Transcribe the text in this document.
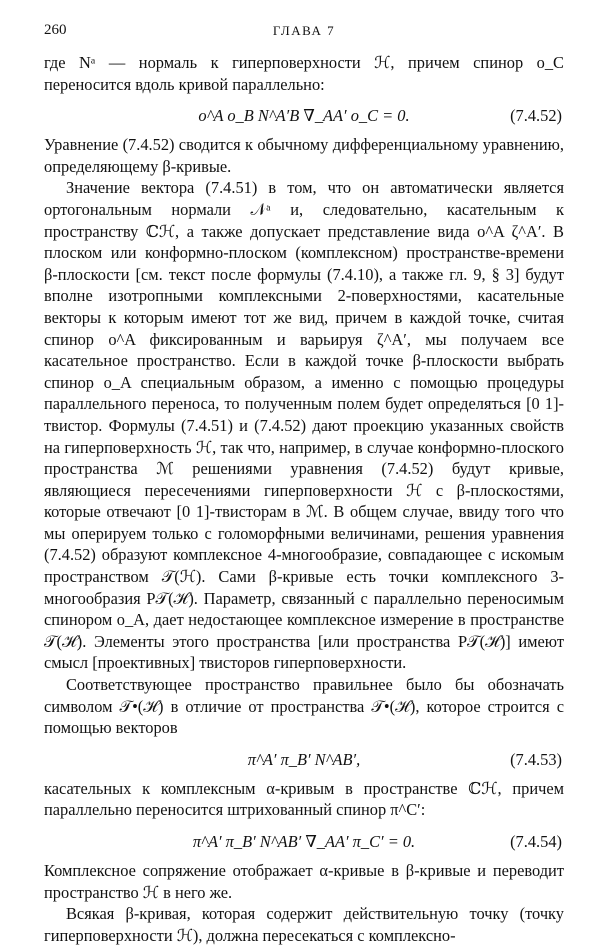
260	ГЛАВА 7

где Nᵃ — нормаль к гиперповерхности ℋ, причем спинор o_C переносится вдоль кривой параллельно:

o^A o_B N^A′B ∇_AA′ o_C = 0.	(7.4.52)

Уравнение (7.4.52) сводится к обычному дифференциальному уравнению, определяющему β-кривые.

Значение вектора (7.4.51) в том, что он автоматически является ортогональным нормали 𝒩ᵃ и, следовательно, касательным к пространству ℂℋ, а также допускает представление вида o^A ζ^A′. В плоском или конформно-плоском (комплексном) пространстве-времени β-плоскости [см. текст после формулы (7.4.10), а также гл. 9, § 3] будут вполне изотропными комплексными 2-поверхностями, касательные векторы к которым имеют тот же вид, причем в каждой точке, считая спинор o^A фиксированным и варьируя ζ^A′, мы получаем все касательное пространство. Если в каждой точке β-плоскости выбрать спинор o_A специальным образом, а именно с помощью процедуры параллельного переноса, то полученным полем будет определяться [0 1]-твистор. Формулы (7.4.51) и (7.4.52) дают проекцию указанных свойств на гиперповерхность ℋ, так что, например, в случае конформно-плоского пространства ℳ решениями уравнения (7.4.52) будут кривые, являющиеся пересечениями гиперповерхности ℋ с β-плоскостями, которые отвечают [0 1]-твисторам в ℳ. В общем случае, ввиду того что мы оперируем только с голоморфными величинами, решения уравнения (7.4.52) образуют комплексное 4-многообразие, совпадающее с искомым пространством 𝒯(ℋ). Сами β-кривые есть точки комплексного 3-многообразия P𝒯(ℋ). Параметр, связанный с параллельно переносимым спинором o_A, дает недостающее комплексное измерение в пространстве 𝒯(ℋ). Элементы этого пространства [или пространства P𝒯(ℋ)] имеют смысл [проективных] твисторов гиперповерхности.

Соответствующее пространство правильнее было бы обозначать символом 𝒯•(ℋ) в отличие от пространства 𝒯•(ℋ), которое строится с помощью векторов

π^A′ π_B′ N^AB′,	(7.4.53)

касательных к комплексным α-кривым в пространстве ℂℋ, причем параллельно переносится штрихованный спинор π^C′:

π^A′ π_B′ N^AB′ ∇_AA′ π_C′ = 0.	(7.4.54)

Комплексное сопряжение отображает α-кривые в β-кривые и переводит пространство ℋ в него же.

Всякая β-кривая, которая содержит действительную точку (точку гиперповерхности ℋ), должна пересекаться с комплексно-
